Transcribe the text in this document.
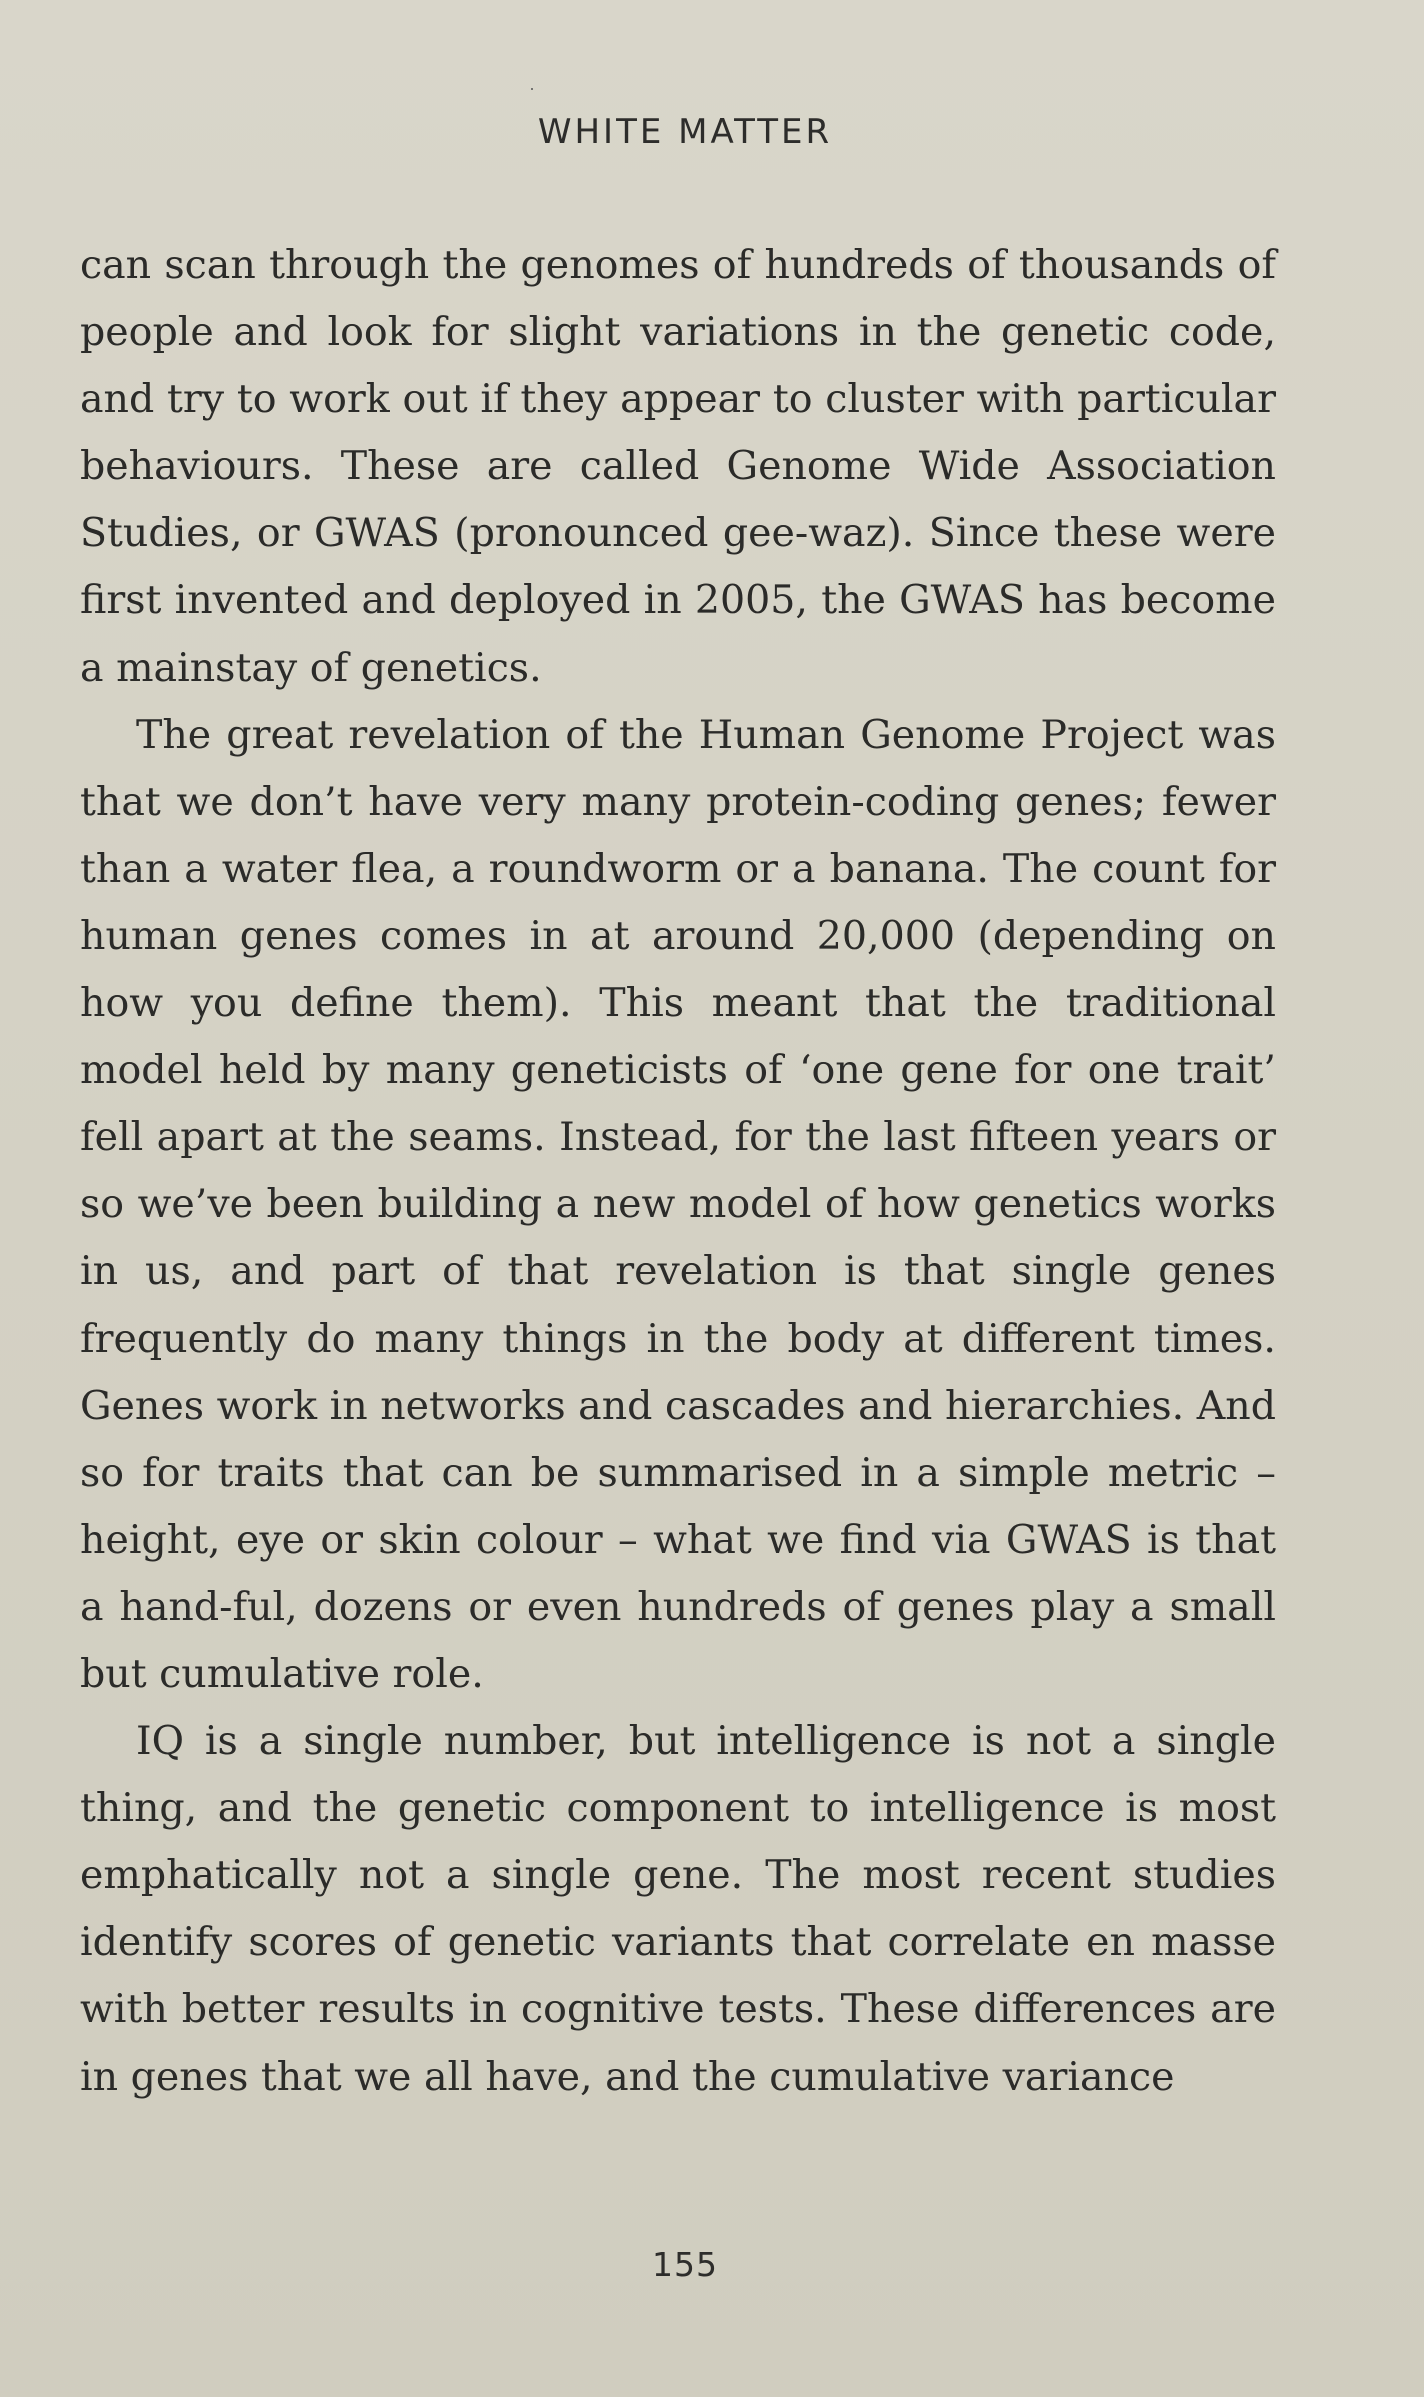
WHITE MATTER

can scan through the genomes of hundreds of thousands of people and look for slight variations in the genetic code, and try to work out if they appear to cluster with particular behaviours. These are called Genome Wide Association Studies, or GWAS (pronounced gee-waz). Since these were first invented and deployed in 2005, the GWAS has become a mainstay of genetics.

The great revelation of the Human Genome Project was that we don’t have very many protein-coding genes; fewer than a water flea, a roundworm or a banana. The count for human genes comes in at around 20,000 (depending on how you define them). This meant that the traditional model held by many geneticists of ‘one gene for one trait’ fell apart at the seams. Instead, for the last fifteen years or so we’ve been building a new model of how genetics works in us, and part of that revelation is that single genes frequently do many things in the body at different times. Genes work in networks and cascades and hierarchies. And so for traits that can be summarised in a simple metric – height, eye or skin colour – what we find via GWAS is that a hand-ful, dozens or even hundreds of genes play a small but cumulative role.

IQ is a single number, but intelligence is not a single thing, and the genetic component to intelligence is most emphatically not a single gene. The most recent studies identify scores of genetic variants that correlate en masse with better results in cognitive tests. These differences are in genes that we all have, and the cumulative variance

155
